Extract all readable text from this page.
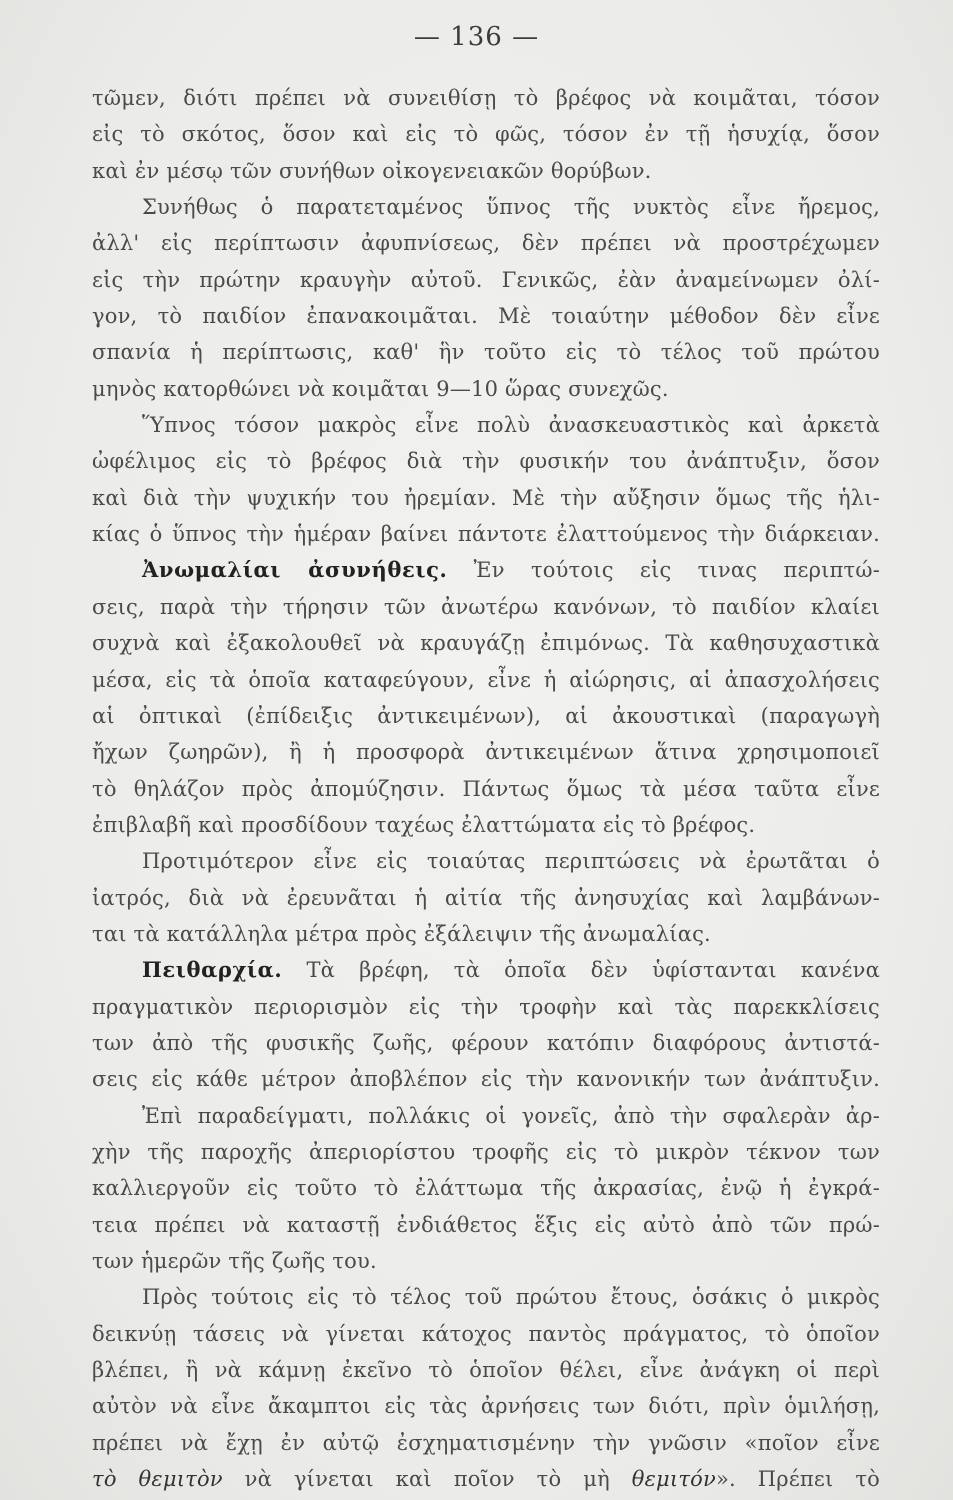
— 136 —
τῶμεν, διότι πρέπει νὰ συνειθίσῃ τὸ βρέφος νὰ κοιμᾶται, τόσον
εἰς τὸ σκότος, ὅσον καὶ εἰς τὸ φῶς, τόσον ἐν τῇ ἡσυχίᾳ, ὅσον
καὶ ἐν μέσῳ τῶν συνήθων οἰκογενειακῶν θορύβων.
Συνήθως ὁ παρατεταμένος ὕπνος τῆς νυκτὸς εἶνε ἤρεμος,
ἀλλ' εἰς περίπτωσιν ἀφυπνίσεως, δὲν πρέπει νὰ προστρέχωμεν
εἰς τὴν πρώτην κραυγὴν αὐτοῦ. Γενικῶς, ἐὰν ἀναμείνωμεν ὀλί-
γον, τὸ παιδίον ἐπανακοιμᾶται. Μὲ τοιαύτην μέθοδον δὲν εἶνε
σπανία ἡ περίπτωσις, καθ' ἣν τοῦτο εἰς τὸ τέλος τοῦ πρώτου
μηνὸς κατορθώνει νὰ κοιμᾶται 9—10 ὥρας συνεχῶς.
Ὕπνος τόσον μακρὸς εἶνε πολὺ ἀνασκευαστικὸς καὶ ἀρκετὰ
ὠφέλιμος εἰς τὸ βρέφος διὰ τὴν φυσικήν του ἀνάπτυξιν, ὅσον
καὶ διὰ τὴν ψυχικήν του ἠρεμίαν. Μὲ τὴν αὔξησιν ὅμως τῆς ἡλι-
κίας ὁ ὕπνος τὴν ἡμέραν βαίνει πάντοτε ἐλαττούμενος τὴν διάρκειαν.
Ἀνωμαλίαι ἀσυνήθεις. Ἐν τούτοις εἰς τινας περιπτώ-
σεις, παρὰ τὴν τήρησιν τῶν ἀνωτέρω κανόνων, τὸ παιδίον κλαίει
συχνὰ καὶ ἐξακολουθεῖ νὰ κραυγάζῃ ἐπιμόνως. Τὰ καθησυχαστικὰ
μέσα, εἰς τὰ ὁποῖα καταφεύγουν, εἶνε ἡ αἰώρησις, αἱ ἀπασχολήσεις
αἱ ὀπτικαὶ (ἐπίδειξις ἀντικειμένων), αἱ ἀκουστικαὶ (παραγωγὴ
ἤχων ζωηρῶν), ἢ ἡ προσφορὰ ἀντικειμένων ἅτινα χρησιμοποιεῖ
τὸ θηλάζον πρὸς ἀπομύζησιν. Πάντως ὅμως τὰ μέσα ταῦτα εἶνε
ἐπιβλαβῆ καὶ προσδίδουν ταχέως ἐλαττώματα εἰς τὸ βρέφος.
Προτιμότερον εἶνε εἰς τοιαύτας περιπτώσεις νὰ ἐρωτᾶται ὁ
ἰατρός, διὰ νὰ ἐρευνᾶται ἡ αἰτία τῆς ἀνησυχίας καὶ λαμβάνων-
ται τὰ κατάλληλα μέτρα πρὸς ἐξάλειψιν τῆς ἀνωμαλίας.
Πειθαρχία. Τὰ βρέφη, τὰ ὁποῖα δὲν ὑφίστανται κανένα
πραγματικὸν περιορισμὸν εἰς τὴν τροφὴν καὶ τὰς παρεκκλίσεις
των ἀπὸ τῆς φυσικῆς ζωῆς, φέρουν κατόπιν διαφόρους ἀντιστά-
σεις εἰς κάθε μέτρον ἀποβλέπον εἰς τὴν κανονικήν των ἀνάπτυξιν.
Ἐπὶ παραδείγματι, πολλάκις οἱ γονεῖς, ἀπὸ τὴν σφαλερὰν ἀρ-
χὴν τῆς παροχῆς ἀπεριορίστου τροφῆς εἰς τὸ μικρὸν τέκνον των
καλλιεργοῦν εἰς τοῦτο τὸ ἐλάττωμα τῆς ἀκρασίας, ἐνῷ ἡ ἐγκρά-
τεια πρέπει νὰ καταστῇ ἐνδιάθετος ἕξις εἰς αὐτὸ ἀπὸ τῶν πρώ-
των ἡμερῶν τῆς ζωῆς του.
Πρὸς τούτοις εἰς τὸ τέλος τοῦ πρώτου ἔτους, ὁσάκις ὁ μικρὸς
δεικνύῃ τάσεις νὰ γίνεται κάτοχος παντὸς πράγματος, τὸ ὁποῖον
βλέπει, ἢ νὰ κάμνῃ ἐκεῖνο τὸ ὁποῖον θέλει, εἶνε ἀνάγκη οἱ περὶ
αὐτὸν νὰ εἶνε ἄκαμπτοι εἰς τὰς ἀρνήσεις των διότι, πρὶν ὁμιλήσῃ,
πρέπει νὰ ἔχῃ ἐν αὐτῷ ἐσχηματισμένην τὴν γνῶσιν «ποῖον εἶνε
τὸ θεμιτὸν νὰ γίνεται καὶ ποῖον τὸ μὴ θεμιτόν». Πρέπει τὸ
